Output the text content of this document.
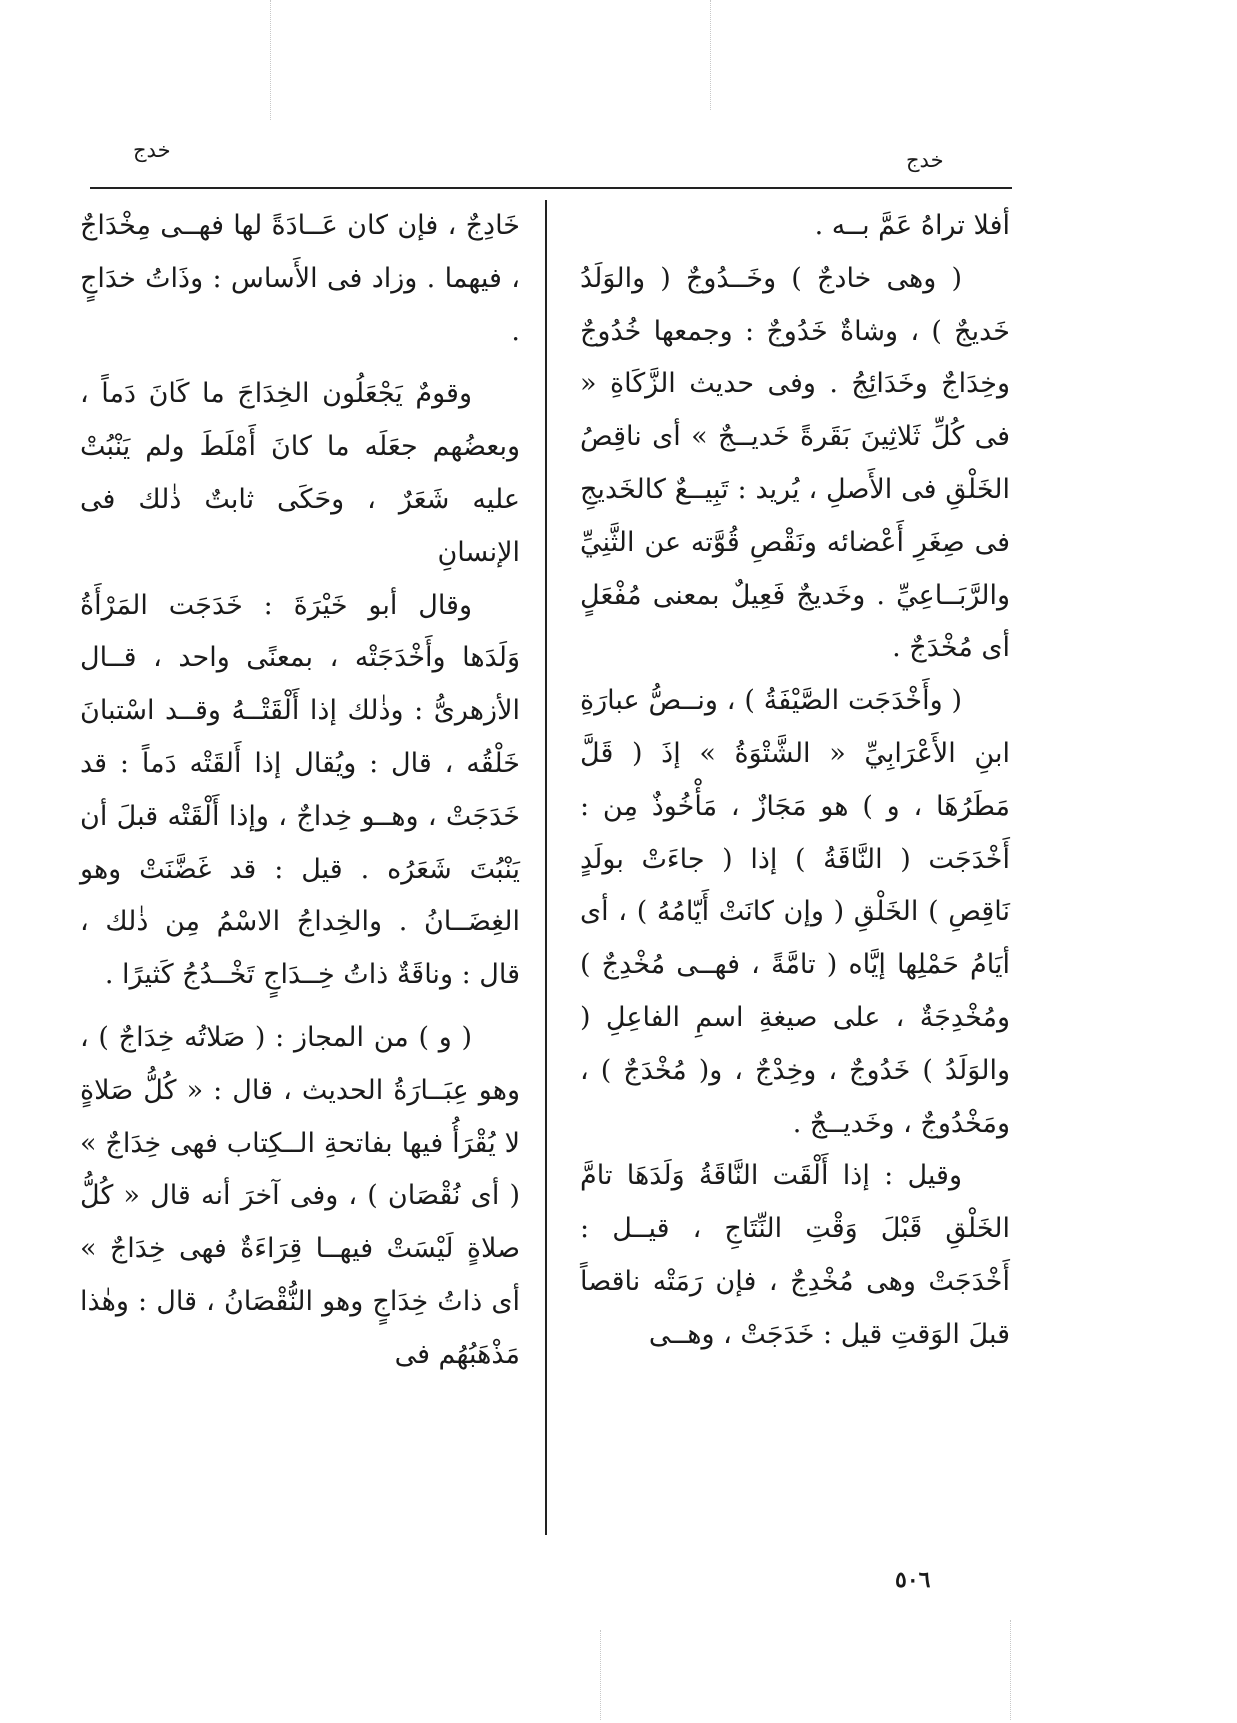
خدج	خدج

أفلا تراهُ عَمَّ بــه .

( وهى خادجٌ ) وخَــدُوجٌ ( والوَلَدُ خَديجٌ ) ، وشاةٌ خَدُوجٌ : وجمعها خُدُوجٌ وخِدَاجٌ وخَدَائِجُ . وفى حديث الزَّكَاةِ « فى كُلِّ ثَلاثِينَ بَقَرةً خَديــجٌ » أى ناقِصُ الخَلْقِ فى الأَصلِ ، يُريد : تَبِيــعٌ كالخَديجِ فى صِغَرِ أَعْضائه ونَقْصِ قُوَّته عن الثَّنِيِّ والرَّبَــاعِيِّ . وخَديجٌ فَعِيلٌ بمعنى مُفْعَلٍ أى مُخْدَجٌ .

( وأَخْدَجَت الصَّيْفَةُ ) ، ونــصُّ عبارَةِ ابنِ الأَعْرَابِيِّ « الشَّتْوَةُ » إذَ ( قَلَّ مَطَرُهَا ، و ) هو مَجَازٌ ، مَأْخُوذٌ مِن : أَخْدَجَت ( النَّاقَةُ ) إذا ( جاءَتْ بولَدٍ نَاقِصِ ) الخَلْقِ ( وإن كانَتْ أَيّامُهُ ) ، أى أيَامُ حَمْلِها إيَّاه ( تامَّةً ، فهــى مُخْدِجٌ ) ومُخْدِجَةٌ ، على صيغةِ اسمِ الفاعِلِ ( والوَلَدُ ) خَدُوجٌ ، وخِدْجٌ ، و( مُخْدَجٌ ) ، ومَخْدُوجٌ ، وخَديــجٌ .

وقيل : إذا أَلْقَت النَّاقَةُ وَلَدَهَا تامَّ الخَلْقِ قَبْلَ وَقْتِ النِّتَاجِ ، قيــل : أَخْدَجَتْ وهى مُخْدِجٌ ، فإن رَمَتْه ناقصاً قبلَ الوَقتِ قيل : خَدَجَتْ ، وهــى

خَادِجٌ ، فإن كان عَــادَةً لها فهــى مِخْدَاجٌ ، فيهما . وزاد فى الأَساس : وذَاتُ خدَاجٍ .

وقومٌ يَجْعَلُون الخِدَاجَ ما كَانَ دَماً ، وبعضُهم جعَلَه ما كانَ أَمْلَطَ ولم يَنْبُتْ عليه شَعَرٌ ، وحَكَى ثابتٌ ذٰلك فى الإنسانِ

وقال أبو خَيْرَةَ : خَدَجَت المَرْأَةُ وَلَدَها وأَخْدَجَتْه ، بمعنًى واحد ، قــال الأزهرىُّ : وذٰلك إذا أَلْقَتْــهُ وقــد اسْتبانَ خَلْقُه ، قال : ويُقال إذا أَلقَتْه دَماً : قد خَدَجَتْ ، وهــو خِداجٌ ، وإذا أَلْقَتْه قبلَ أن يَنْبُتَ شَعَرُه . قيل : قد غَضَّنَتْ وهو الغِضَــانُ . والخِداجُ الاسْمُ مِن ذٰلك ، قال : وناقَةٌ ذاتُ خِــدَاجٍ تَخْــدُجُ كَثيرًا .

( و ) من المجاز : ( صَلاتُه خِدَاجٌ ) ، وهو عِبَــارَةُ الحديث ، قال : « كُلُّ صَلاةٍ لا يُقْرَأُ فيها بفاتحةِ الــكِتاب فهى خِدَاجٌ » ( أى نُقْصَان ) ، وفى آخرَ أنه قال « كُلُّ صلاةٍ لَيْسَتْ فيهــا قِرَاءَةٌ فهى خِدَاجٌ » أى ذاتُ خِدَاجٍ وهو النُّقْصَانُ ، قال : وهٰذا مَذْهَبُهُم فى

٥٠٦
